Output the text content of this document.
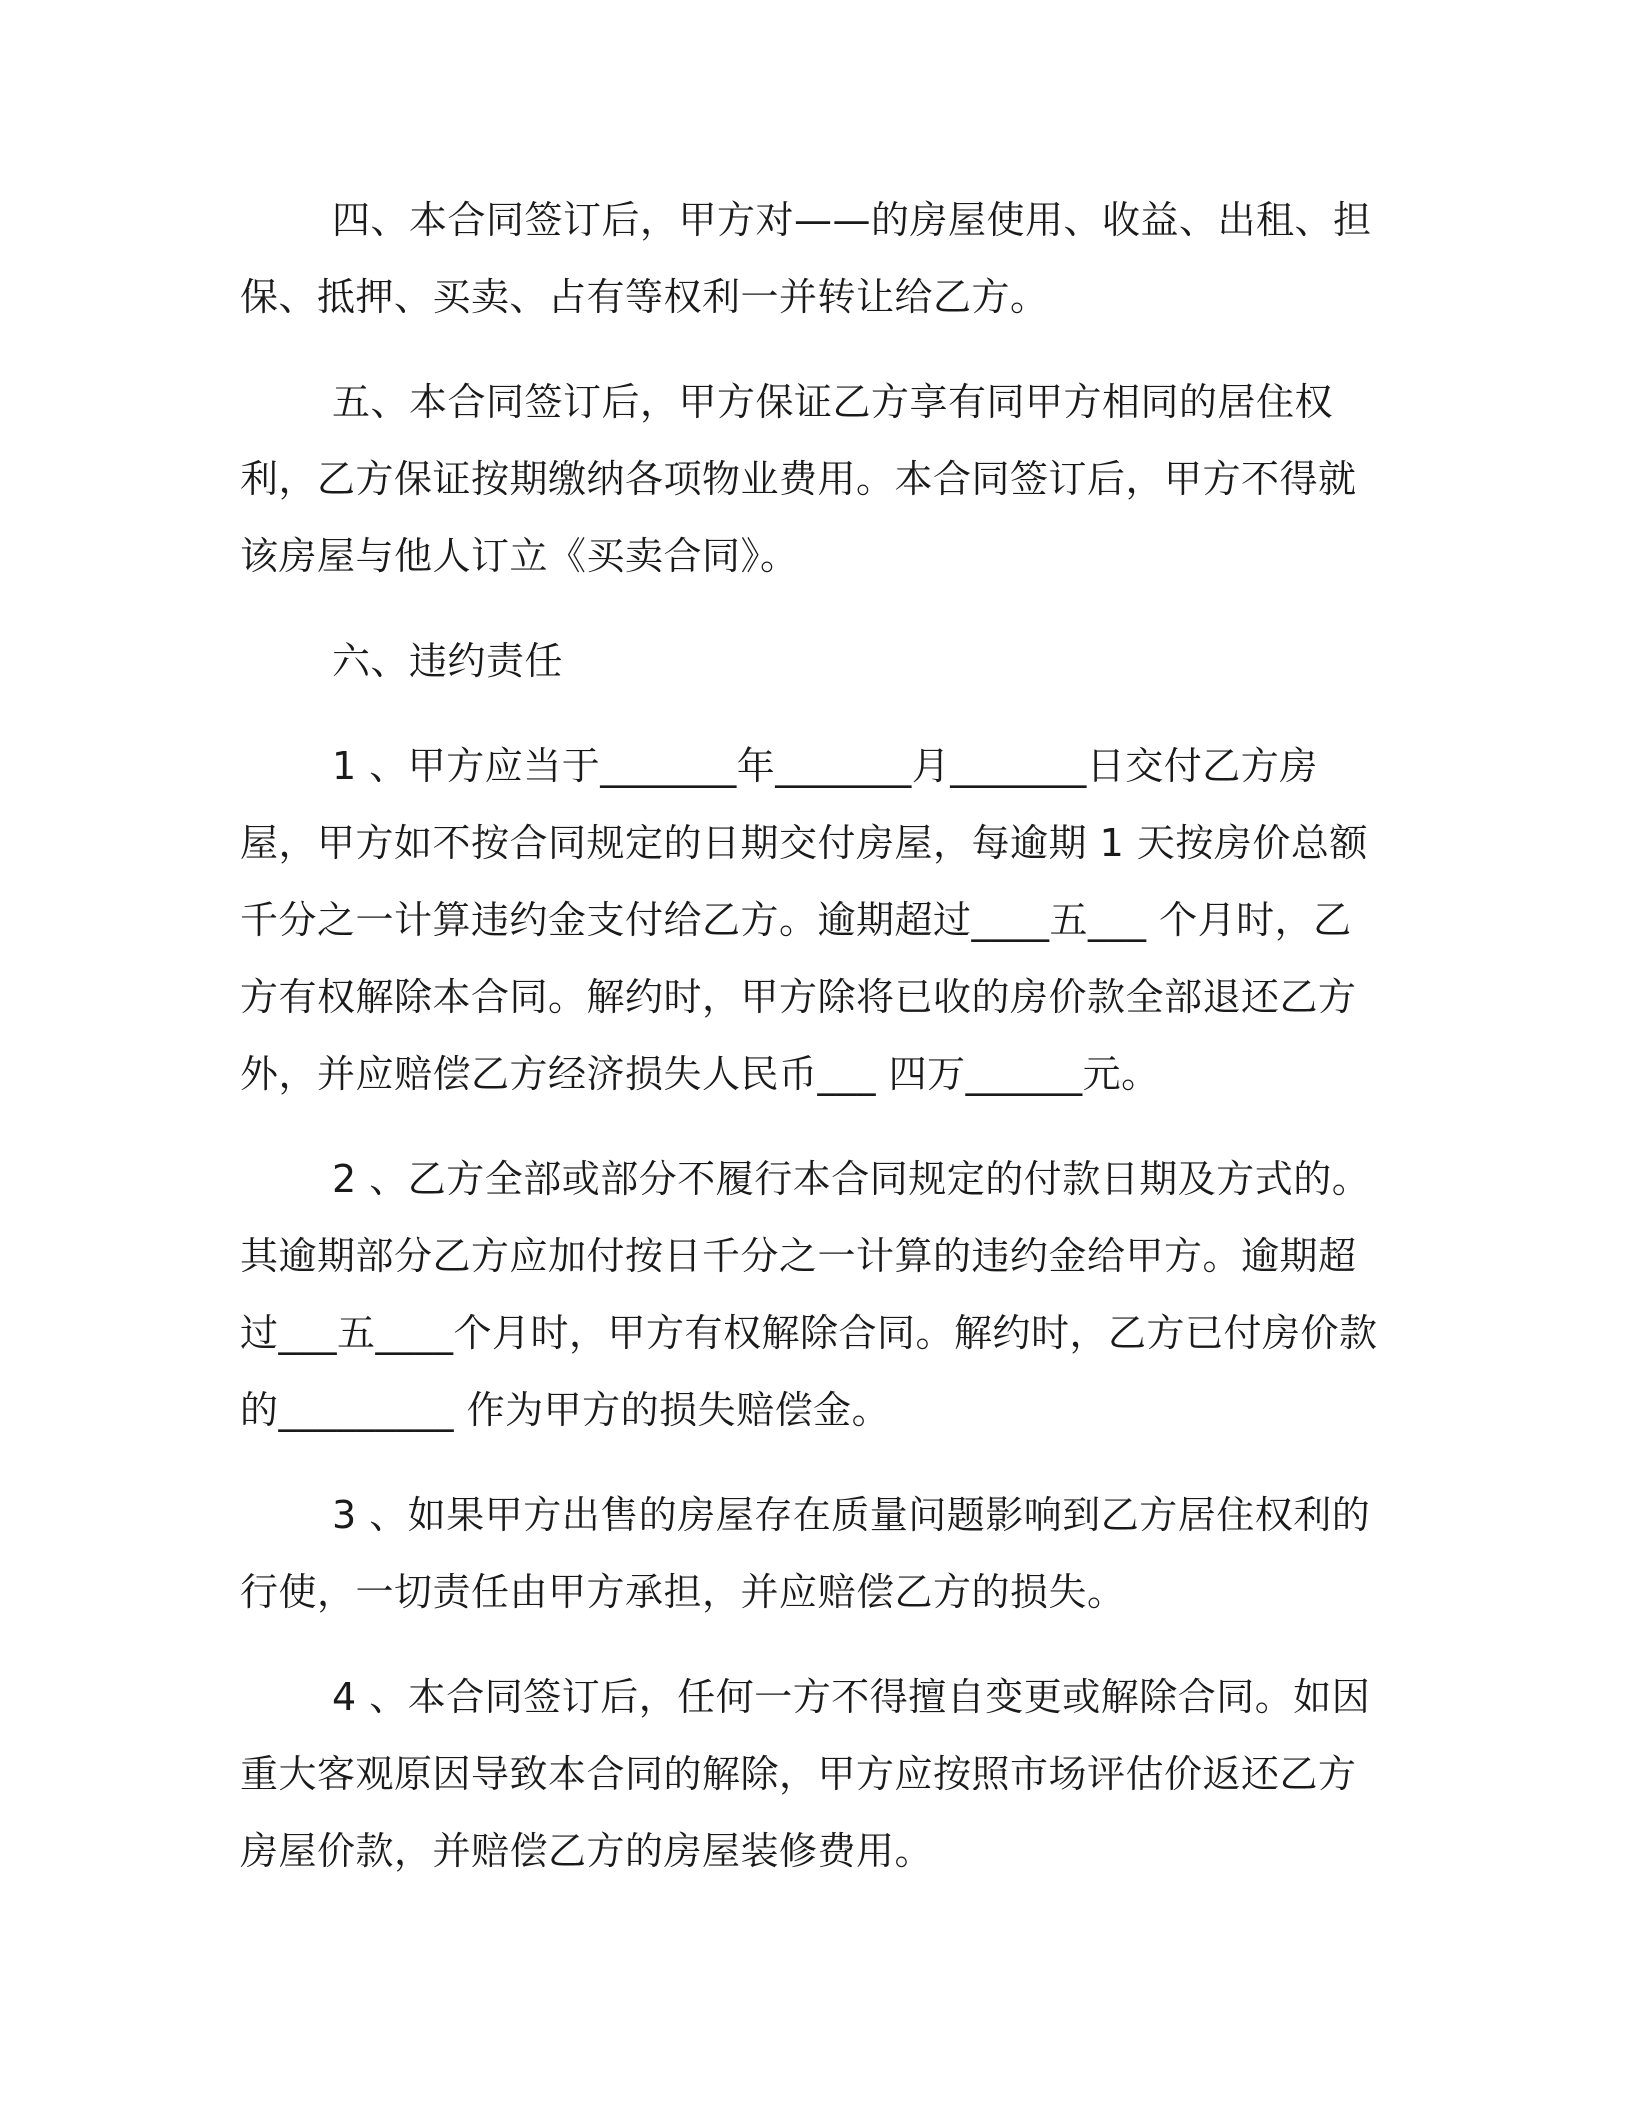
四、本合同签订后，甲方对——的房屋使用、收益、出租、担保、抵押、买卖、占有等权利一并转让给乙方。

五、本合同签订后，甲方保证乙方享有同甲方相同的居住权利，乙方保证按期缴纳各项物业费用。本合同签订后，甲方不得就该房屋与他人订立《买卖合同》。

六、违约责任

1 、甲方应当于_______年_______月_______日交付乙方房屋，甲方如不按合同规定的日期交付房屋，每逾期 1 天按房价总额千分之一计算违约金支付给乙方。逾期超过____五___ 个月时，乙方有权解除本合同。解约时，甲方除将已收的房价款全部退还乙方外，并应赔偿乙方经济损失人民币___ 四万______元。

2 、乙方全部或部分不履行本合同规定的付款日期及方式的。其逾期部分乙方应加付按日千分之一计算的违约金给甲方。逾期超过___五____个月时，甲方有权解除合同。解约时，乙方已付房价款的_________ 作为甲方的损失赔偿金。

3 、如果甲方出售的房屋存在质量问题影响到乙方居住权利的行使，一切责任由甲方承担，并应赔偿乙方的损失。

4 、本合同签订后，任何一方不得擅自变更或解除合同。如因重大客观原因导致本合同的解除，甲方应按照市场评估价返还乙方房屋价款，并赔偿乙方的房屋装修费用。
